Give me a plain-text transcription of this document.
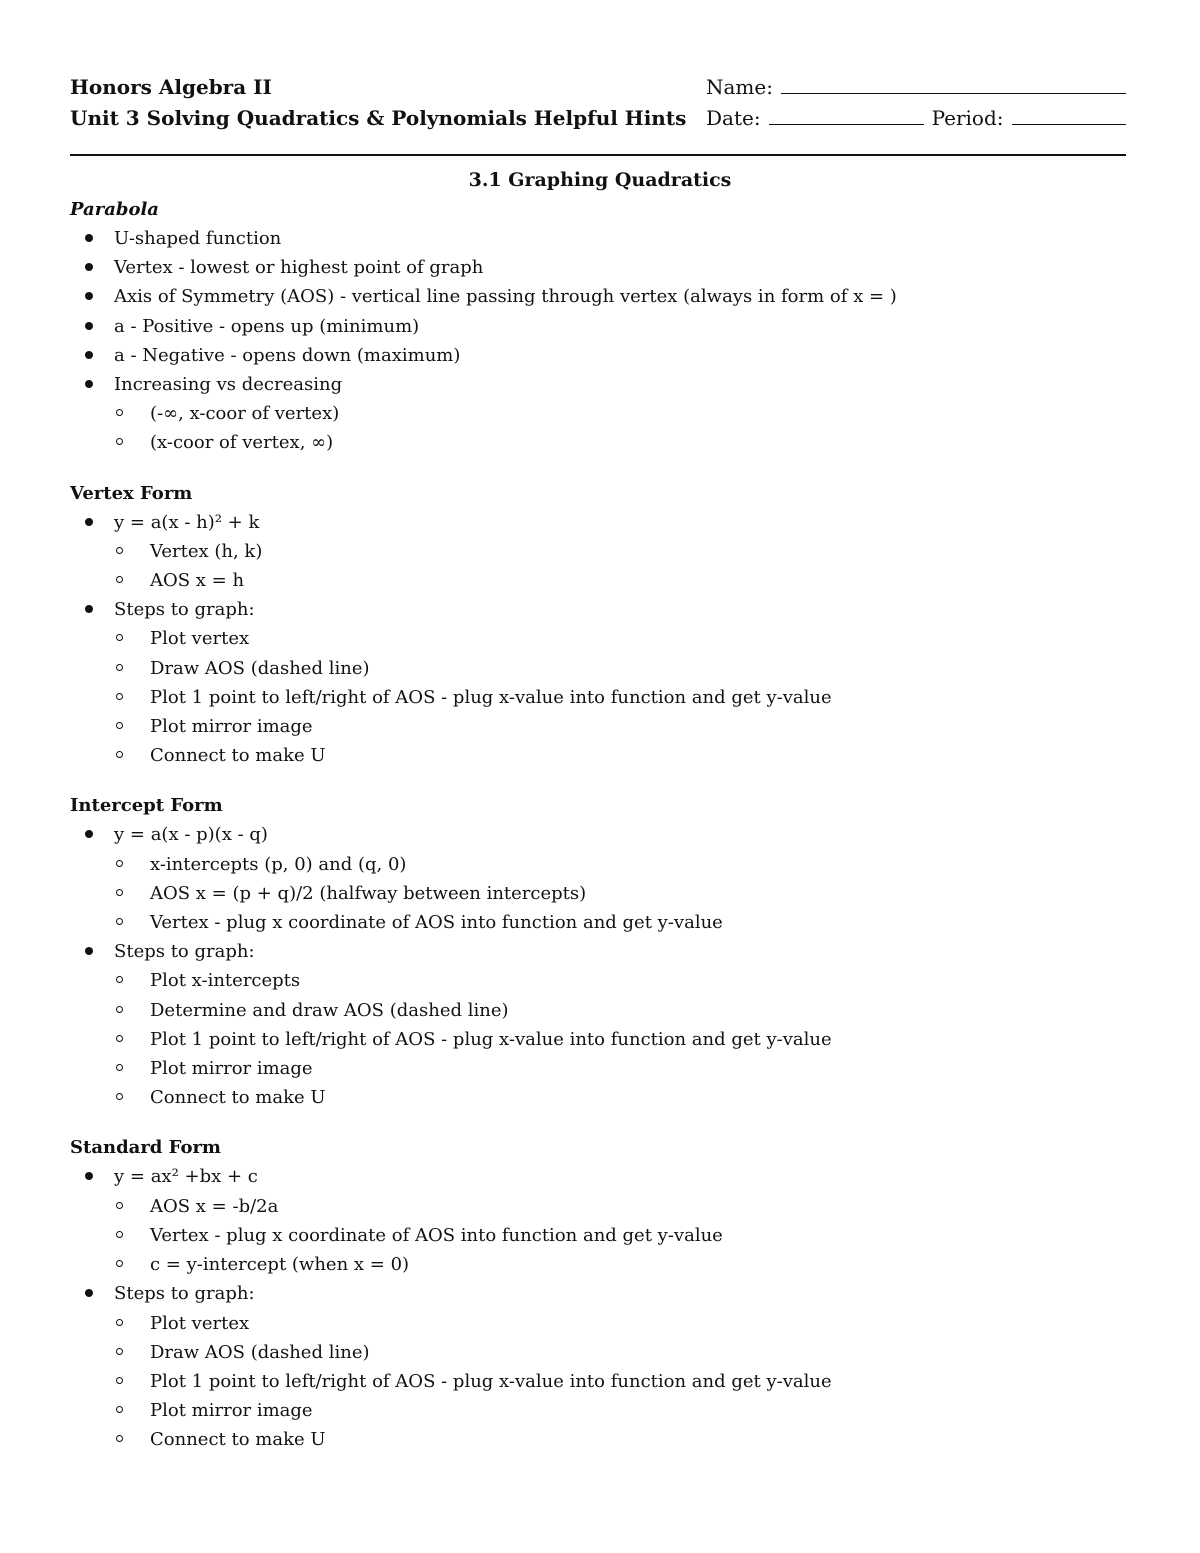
Honors Algebra II
Unit 3 Solving Quadratics & Polynomials Helpful Hints
Name:
Date:	Period:
3.1 Graphing Quadratics
Parabola
U-shaped function
Vertex - lowest or highest point of graph
Axis of Symmetry (AOS) - vertical line passing through vertex (always in form of x = )
a - Positive - opens up (minimum)
a - Negative - opens down (maximum)
Increasing vs decreasing
(-∞, x-coor of vertex)
(x-coor of vertex, ∞)
Vertex Form
y = a(x - h)² + k
Vertex (h, k)
AOS x = h
Steps to graph:
Plot vertex
Draw AOS (dashed line)
Plot 1 point to left/right of AOS - plug x-value into function and get y-value
Plot mirror image
Connect to make U
Intercept Form
y = a(x - p)(x - q)
x-intercepts (p, 0) and (q, 0)
AOS x = (p + q)/2 (halfway between intercepts)
Vertex - plug x coordinate of AOS into function and get y-value
Steps to graph:
Plot x-intercepts
Determine and draw AOS (dashed line)
Plot 1 point to left/right of AOS - plug x-value into function and get y-value
Plot mirror image
Connect to make U
Standard Form
y = ax² +bx + c
AOS x = -b/2a
Vertex - plug x coordinate of AOS into function and get y-value
c = y-intercept (when x = 0)
Steps to graph:
Plot vertex
Draw AOS (dashed line)
Plot 1 point to left/right of AOS - plug x-value into function and get y-value
Plot mirror image
Connect to make U
